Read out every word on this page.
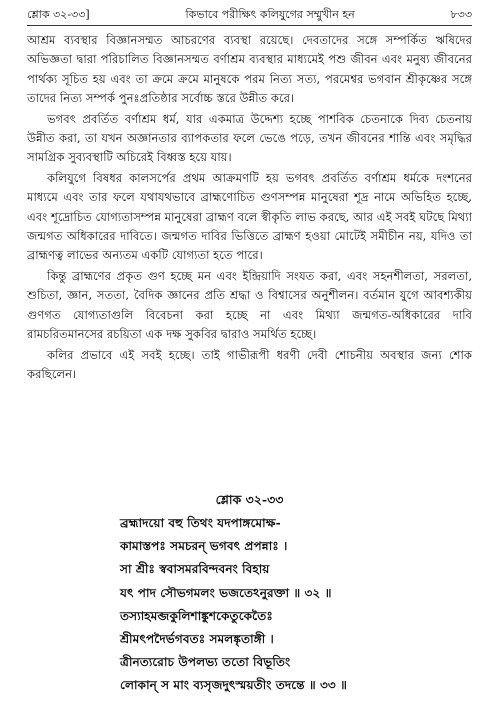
শ্লোক ৩২-৩৩]	কিভাবে পরীক্ষিৎ কলিযুগের সম্মুখীন হন	৮৩৩

আশ্রম ব্যবস্থার বিজ্ঞানসম্মত আচরণের ব্যবস্থা রয়েছে। দেবতাদের সঙ্গে সম্পর্কিত ঋষিদের অভিজ্ঞতা দ্বারা পরিচালিত বিজ্ঞানসম্মত বর্ণাশ্রম ব্যবস্থার মাধ্যমেই পশু জীবন এবং মনুষ্য জীবনের পার্থক্য সূচিত হয় এবং তা ক্রমে ক্রমে মানুষকে পরম নিত্য সত্য, পরমেশ্বর ভগবান শ্রীকৃষ্ণের সঙ্গে তাদের নিত্য সম্পর্ক পুনঃপ্রতিষ্ঠার সর্বোচ্চ স্তরে উন্নীত করে।

ভগবৎ প্রবর্তিত বর্ণাশ্রম ধর্ম, যার একমাত্র উদ্দেশ্য হচ্ছে পাশবিক চেতনাকে দিব্য চেতনায় উন্নীত করা, তা যখন অজ্ঞানতার ব্যাপকতার ফলে ভেঙে পড়ে, তখন জীবনের শান্তি এবং সমৃদ্ধির সামগ্রিক সুব্যবস্থাটি অচিরেই বিধ্বস্ত হয়ে যায়।

কলিযুগে বিষধর কালসর্পের প্রথম আক্রমণটি হয় ভগবৎ প্রবর্তিত বর্ণাশ্রম ধর্মকে দংশনের মাধ্যমে এবং তার ফলে যথাযথভাবে ব্রাহ্মণোচিত গুণসম্পন্ন মানুষেরা শূদ্র নামে অভিহিত হচ্ছে, এবং শূদ্রোচিত যোগ্যতাসম্পন্ন মানুষেরা ব্রাহ্মণ বলে স্বীকৃতি লাভ করছে, আর এই সবই ঘটছে মিথ্যা জন্মগত অধিকারের দাবিতে। জন্মগত দাবির ভিত্তিতে ব্রাহ্মণ হওয়া মোটেই সমীচীন নয়, যদিও তা ব্রাহ্মণত্ব লাভের অন্যতম একটি যোগ্যতা হতে পারে।

কিন্তু ব্রাহ্মণের প্রকৃত গুণ হচ্ছে মন এবং ইন্দ্রিয়াদি সংযত করা, এবং সহনশীলতা, সরলতা, শুচিতা, জ্ঞান, সততা, বৈদিক জ্ঞানের প্রতি শ্রদ্ধা ও বিশ্বাসের অনুশীলন। বর্তমান যুগে আবশ্যকীয় গুণগত যোগ্যতাগুলি বিবেচনা করা হচ্ছে না এবং মিথ্যা জন্মগত-অধিকারের দাবি রামচরিতমানসের রচয়িতা এক দক্ষ সুকবির দ্বারাও সমর্থিত হচ্ছে।

কলির প্রভাবে এই সবই হচ্ছে। তাই গাভীরূপী ধরণী দেবী শোচনীয় অবস্থার জন্য শোক করছিলেন।

শ্লোক ৩২-৩৩
ব্রহ্মাদয়ো বহু তিথং যদপাঙ্গমোক্ষ-
কামাস্তপঃ সমচরন্ ভগবৎ প্রপন্নাঃ ।
সা শ্রীঃ স্ববাসমরবিন্দবনং বিহায়
যৎ পাদ সৌভগমলং ভজতেঽনুরক্তা ॥ ৩২ ॥
তস্যাহমব্জকুলিশাঙ্কুশকেতুকেতৈঃ
শ্রীমৎপদৈর্ভগবতঃ সমলঙ্কৃতাঙ্গী ।
ত্রীনত্যরোচ উপলভ্য ততো বিভূতিং
লোকান্ স মাং ব্যসৃজদুৎস্ময়তীং তদন্তে ॥ ৩৩ ॥
